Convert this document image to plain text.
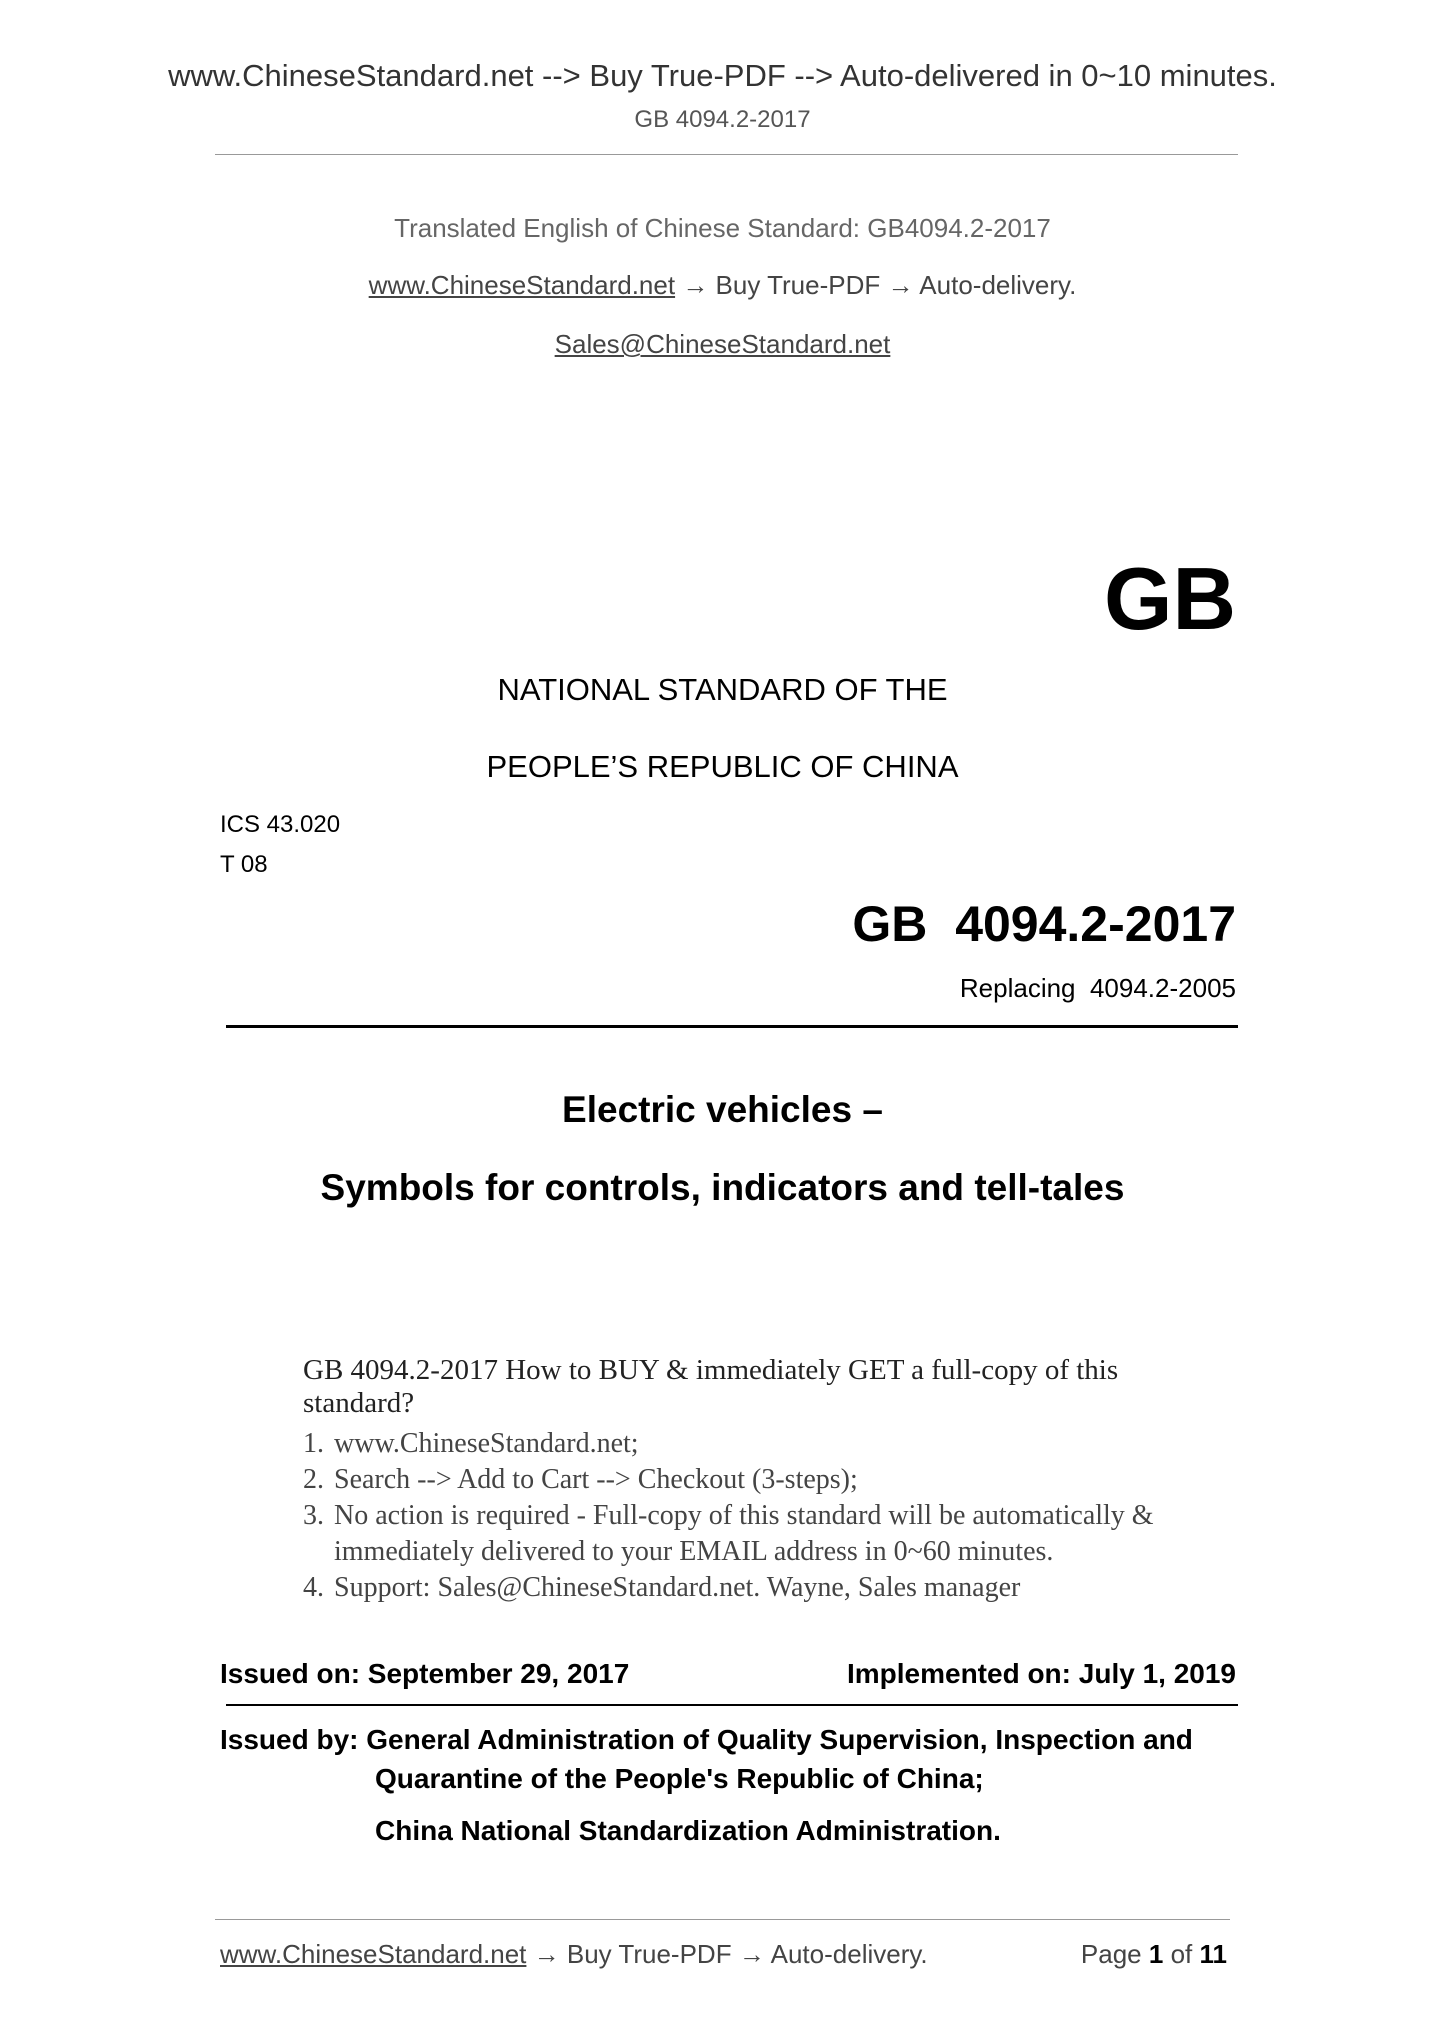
www.ChineseStandard.net --> Buy True-PDF --> Auto-delivered in 0~10 minutes.
GB 4094.2-2017
Translated English of Chinese Standard: GB4094.2-2017
www.ChineseStandard.net → Buy True-PDF → Auto-delivery.
Sales@ChineseStandard.net
GB
NATIONAL STANDARD OF THE
PEOPLE’S REPUBLIC OF CHINA
ICS 43.020
T 08
GB  4094.2-2017
Replacing  4094.2-2005
Electric vehicles –
Symbols for controls, indicators and tell-tales
GB 4094.2-2017 How to BUY & immediately GET a full-copy of this standard?
1. www.ChineseStandard.net;
2. Search --> Add to Cart --> Checkout (3-steps);
3. No action is required - Full-copy of this standard will be automatically &
immediately delivered to your EMAIL address in 0~60 minutes.
4. Support: Sales@ChineseStandard.net. Wayne, Sales manager
Issued on: September 29, 2017	Implemented on: July 1, 2019
Issued by: General Administration of Quality Supervision, Inspection and
Quarantine of the People's Republic of China;
China National Standardization Administration.
www.ChineseStandard.net → Buy True-PDF → Auto-delivery.	Page 1 of 11
